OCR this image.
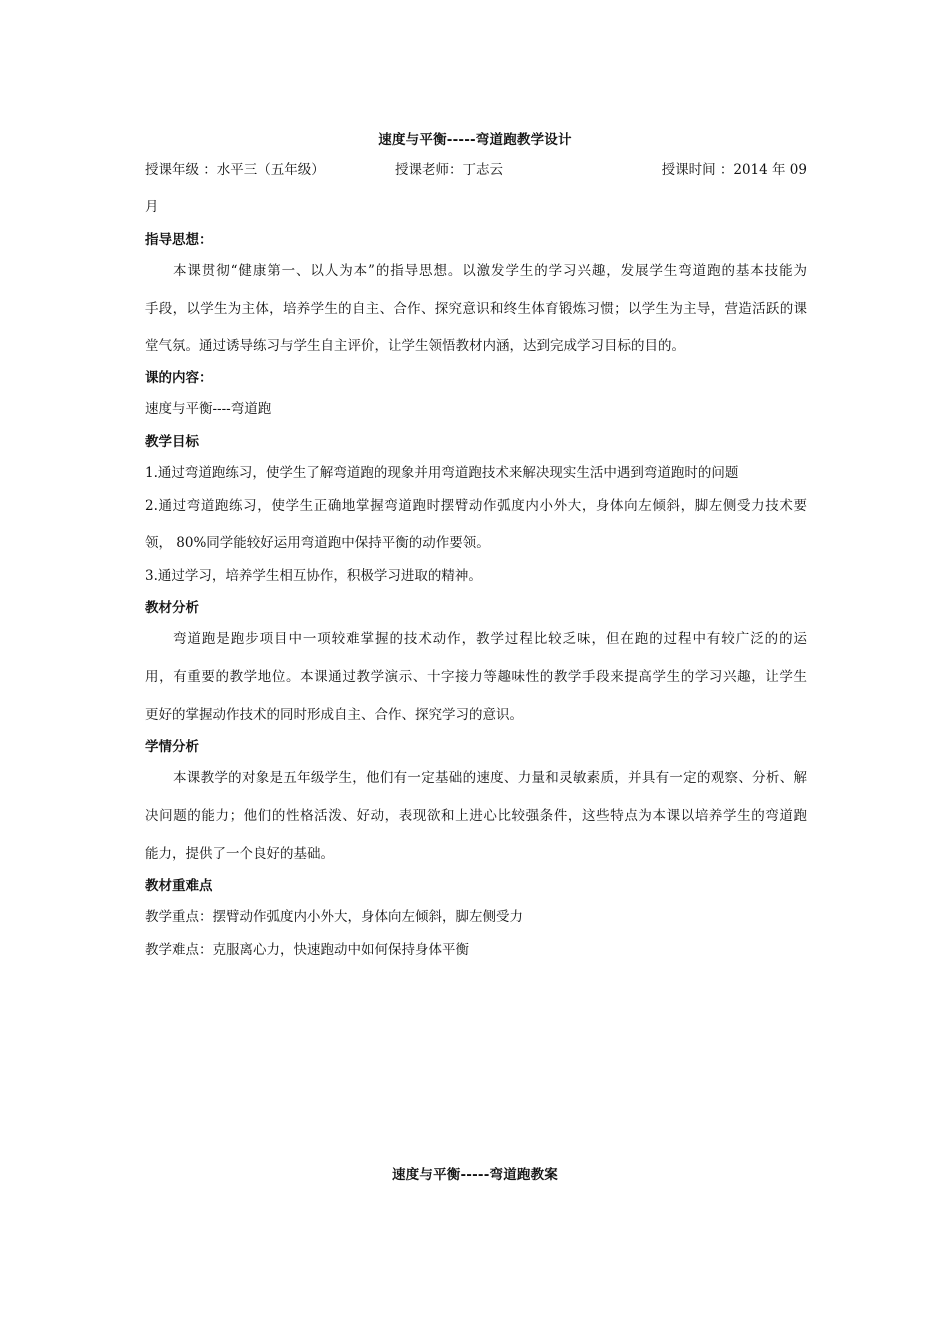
速度与平衡-----弯道跑教学设计
授课年级 ：水平三（五年级）	授课老师：丁志云	授课时间 ：2014 年 09
月
指导思想：
本课贯彻“健康第一、以人为本”的指导思想。以激发学生的学习兴趣，发展学生弯道跑的基本技能为
手段，以学生为主体，培养学生的自主、合作、探究意识和终生体育锻炼习惯；以学生为主导，营造活跃的课
堂气氛。通过诱导练习与学生自主评价，让学生领悟教材内涵，达到完成学习目标的目的。
课的内容：
速度与平衡----弯道跑
教学目标
1.通过弯道跑练习，使学生了解弯道跑的现象并用弯道跑技术来解决现实生活中遇到弯道跑时的问题
2.通过弯道跑练习，使学生正确地掌握弯道跑时摆臂动作弧度内小外大，身体向左倾斜，脚左侧受力技术要
领， 80%同学能较好运用弯道跑中保持平衡的动作要领。
3.通过学习，培养学生相互协作，积极学习进取的精神。
教材分析
弯道跑是跑步项目中一项较难掌握的技术动作，教学过程比较乏味，但在跑的过程中有较广泛的的运
用，有重要的教学地位。本课通过教学演示、十字接力等趣味性的教学手段来提高学生的学习兴趣，让学生
更好的掌握动作技术的同时形成自主、合作、探究学习的意识。
学情分析
本课教学的对象是五年级学生，他们有一定基础的速度、力量和灵敏素质，并具有一定的观察、分析、解
决问题的能力；他们的性格活泼、好动，表现欲和上进心比较强条件，这些特点为本课以培养学生的弯道跑
能力，提供了一个良好的基础。
教材重难点
教学重点：摆臂动作弧度内小外大，身体向左倾斜，脚左侧受力
教学难点：克服离心力，快速跑动中如何保持身体平衡
速度与平衡-----弯道跑教案
